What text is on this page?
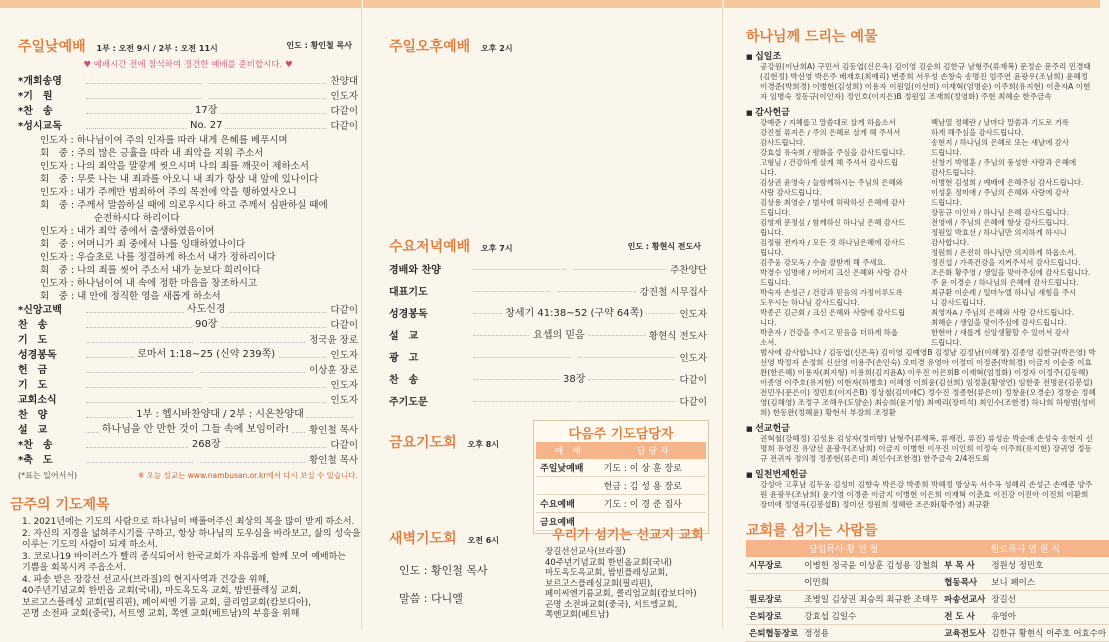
주일낮예배 1부 : 오전 9시 / 2부 : 오전 11시	인도 : 황인철 목사
♥ 예배시간 전에 참석하여 경건한 예배를 준비합시다. ♥
*개회송영	찬양대
*기　원	인도자
*찬　송	17장	다같이
*성시교독	No. 27	다같이
인도자 : 하나님이여 주의 인자를 따라 내게 은혜를 베푸시며
회　중 : 주의 많은 긍휼을 따라 내 죄악을 지워 주소서
인도자 : 나의 죄악을 말갛게 씻으시며 나의 죄를 깨끗이 제하소서
회　중 : 무릇 나는 내 죄과를 아오니 내 죄가 항상 내 앞에 있나이다
인도자 : 내가 주께만 범죄하여 주의 목전에 악을 행하였사오니
회　중 : 주께서 말씀하실 때에 의로우시다 하고 주께서 심판하실 때에
순전하시다 하리이다
인도자 : 내가 죄악 중에서 출생하였음이여
회　중 : 어머니가 죄 중에서 나를 잉태하였나이다
인도자 : 우슬초로 나를 정결하게 하소서 내가 정하리이다
회　중 : 나의 죄를 씻어 주소서 내가 눈보다 희리이다
인도자 : 하나님이여 내 속에 정한 마음을 창조하시고
회　중 : 내 안에 정직한 영을 새롭게 하소서
*신앙고백	사도신경	다같이
찬　송	90장	다같이
기　도	정국윤 장로
성경봉독	로마서 1:18~25 (신약 239쪽)	인도자
헌　금	이상훈 장로
기　도	인도자
교회소식	인도자
찬　양	1부 : 헵시바찬양대 / 2부 : 시온찬양대
설　교	하나님을 안 만한 것이 그들 속에 보임이라!	황인철 목사
*찬　송	268장	다같이
*축　도	황인철 목사
(*표는 일어서서)	※ 오늘 설교는 www.nambusan.or.kr에서 다시 보실 수 있습니다.
금주의 기도제목
1. 2021년에는 기도의 사람으로 하나님이 배풀어주신 최상의 복을 많이 받게 하소서.
2. 자신의 지경을 넓혀주시기를 구하고, 항상 하나님의 도우심을 바라보고, 삶의 성숙을
이루는 기도의 사람이 되게 하소서.
3. 코로나19 바이러스가 빨리 종식되어서 한국교회가 자유롭게 함께 모여 예배하는
기쁨을 회복시켜 주옵소서.
4. 파송 받은 장강선 선교사(브라질)의 현지사역과 건강을 위해,
40주년기념교회 한빈옵 교회(국내), 마도옥도옥 교회, 밤빈플레싱 교회,
보르고스플레싱 교회(필리핀), 페이씨엔 기름 교회, 클리엄교회(캄보디아),
곤명 소전파 교회(중국), 서트엥 교회, 쪽엔 교회(베트남)의 부흥을 위해
주일오후예배 오후 2시
수요저녁예배 오후 7시	인도 : 황현식 전도사
경배와 찬양	주찬양단
대표기도	강진철 시무집사
성경봉독	창세기 41:38~52 (구약 64쪽)	인도자
설　교	요셉의 믿음	황현식 전도사
광　고	인도자
찬　송	38장	다같이
주기도문	다같이
금요기도회 오후 8시
다음주 기도담당자
예　배	담 당 자
주일낮예배	기도 : 이 상 훈 장로
	헌금 : 김 성 용 장로
수요예배	기도 : 이 경 준 집사
금요예배	
새벽기도회 오전 6시
인도 : 황인철 목사
말씀 : 다니엘
우리가 섬기는 선교지 교회
장길선선교사(브라질)
40주년기념교회 한빈옵교회(국내)
마도옥도옥교회, 밤빈플레싱교회,
보르고스플레싱교회(필리핀),
페이씨엔기름교회, 클리엄교회(캄보디아)
곤명 소전파교회(중국), 서트엥교회,
쪽엔교회(베트남)
하나님께 드리는 예물
■ 십일조
공강원(이난희A) 구민서 김동엽(신은옥) 김이영 김순희 김한규 남형주(류재복) 문정순 문주리 민경태(김현정) 박선영 박은주 배재호(최예리) 변종희 서우성 손창숙 송명진 엄주연 윤광우(조남희) 윤혜정 이경준(박희경) 이병현(김성희) 이용자 이원일(이선미) 이재혁(엄명순) 이주희(유지현) 이춘자A 이현자 임병숙 정동규(이인자) 정인호(이지은)B 정원일 조재희(정영화) 주현 최혜순 한주금속
■ 감사헌금
강예준 / 지혜롭고 말씀대로 살게 하옵소서
강진철 류지은 / 주의 은혜로 살게 해 주셔서
감사드립니다.
강효섭 유숙희 / 평화을 주심을 감사드립니다.
고형님 / 건강하게 살게 해 주셔서 감사드립
니다.
김상권 윤영숙 / 늘함께하시는 주님의 은혜와
사랑 감사드립니다.
김상용 최영순 / 범사에 허락하신 은혜에 감사
드립니다.
김영재 문정심 / 함께하신 하나님 은혜 감사드
립니다.
김정림 전카자 / 모든 것 하나님은혜에 감사드
립니다.
김주웅 강모욱 / 수술 잘받게 해 주세요.
박경수 임명애 / 어버지 크신 은혜와 사랑 감사
드립니다.
박숙자 손성근 / 건강과 믿음의 가정이루도록
도우시는 하나님 감사드립니다.
박종곤 김근회 / 크신 은혜와 사랑에 감사드립
니다.
박춘자 / 건강을 주시고 믿음을 더하게 하옵
소서.
백남열 정혜란 / 날마다 말씀과 기도로 거룩
하게 해주심을 감사드립니다.
송현지 / 하나님의 은혜로 또는 새날에 감사
드립니다.
신창기 박명훈 / 주님의 풍성한 사랑과 은혜에
감사드립니다.
이병현 김성희 / 예배에 은혜주심 감사드립니다.
이성훈 정미애 / 주님의 은혜와 사랑에 감사
드립니다.
장동규 이인자 / 하나님 은혜 감사드립니다.
전영애 / 주님의 은혜에 항상 감사드립니다.
정원일 박효선 / 하나님만 의지하게 하시니
감사합니다.
정원희 / 온전히 하나님만 의지하게 하옵소서.
정진섭 / 가족건강을 지켜주셔서 감사드립니다.
조은화 황주영 / 생일을 맞아주심에 감사드립니다.
주 윤 이경순 / 하나님의 은혜에 감사드립니다.
최규환 이순례 / 일마누엘 하나님 새힘을 주시
니 감사드립니다.
최영자A / 주님의 은혜와 사랑 감사드립니다.
최혜순 / 생일을 맞이주심에 감사드립니다.
한현아 / 새롭게 신앙생활할 수 있어서 감사
드립니다.
범사에 감사합니다 / 김동엽(신은옥) 김이영 김예영B 김정남 김정남(이혜정) 김종영 김한규(박은영) 박선영 박정자 손정희 신선영 이용주(손인숙) 오미경 유영아 이정미 이정준(박희경) 이금지 이순중 이효완(한은혜) 이용자(최지형) 이용희(김지윤A) 이우진 이은희B 이재혁(엄정화) 이정자 이정주(김동혜) 이종영 이주호(유지현) 이현자(하병호) 이혜영 이희윤(김선희) 임정훈(황영연) 임한중 전명운(김봉섭) 전민우(문은이) 정민호(이지은B) 정상철(김미애C) 정수진 정종현(류은미) 정창윤(오경순) 정창순 정혜영(김해영) 조정구 조해우(도얌순) 최승희(윤기영) 최예리(장미석) 최인수(조한경) 하나희 하형범(성비희) 한동완(정혜윤) 황현식 부장희 조정환
■ 선교헌금
권혁철(강혜정) 김성용 김성자(정미향) 남형주(류재복, 류재진, 류진) 류성순 박순애 손성숙 송현지 신명희 유영진 유양선 윤광우(조남희) 이금지 이병현 이우진 이인희 이정숙 이주희(유지현) 장귀영 정동규 전귀자 정의정 정종현(류은미) 최인수(조한경) 한주금속 2/4전도회
■ 일천번제헌금
강성아 고후남 김두웅 김성미 김향숙 박은강 박종희 박혜정 방상욱 서수옥 성혜리 손성근 손예준 양주원 윤광우(조남희) 윤기영 이경준 이금지 이병현 이은희 이재혁 이춘효 이진강 이진아 이진희 이환희 장미애 정영옥(김봉섭B) 정미선 정원희 정혜란 조은화(황주영) 최규환
교회를 섬기는 사람들
담임목사 황 인 철		원로목사 염 원 식	
시무장로	이병헌 정국윤 이상훈 김성용 강철희	부 목 사	정원성 정민호
	이민희	협동목사	보니 페이스
원로장로	조병일 김상권 최승의 최규환 조태무	파송선교사	장길선
은퇴장로	강효섭 김일수	전 도 사	유영아
은퇴협동장로	정정용	교육전도사	김한규 황현식 이주호 어효수아
